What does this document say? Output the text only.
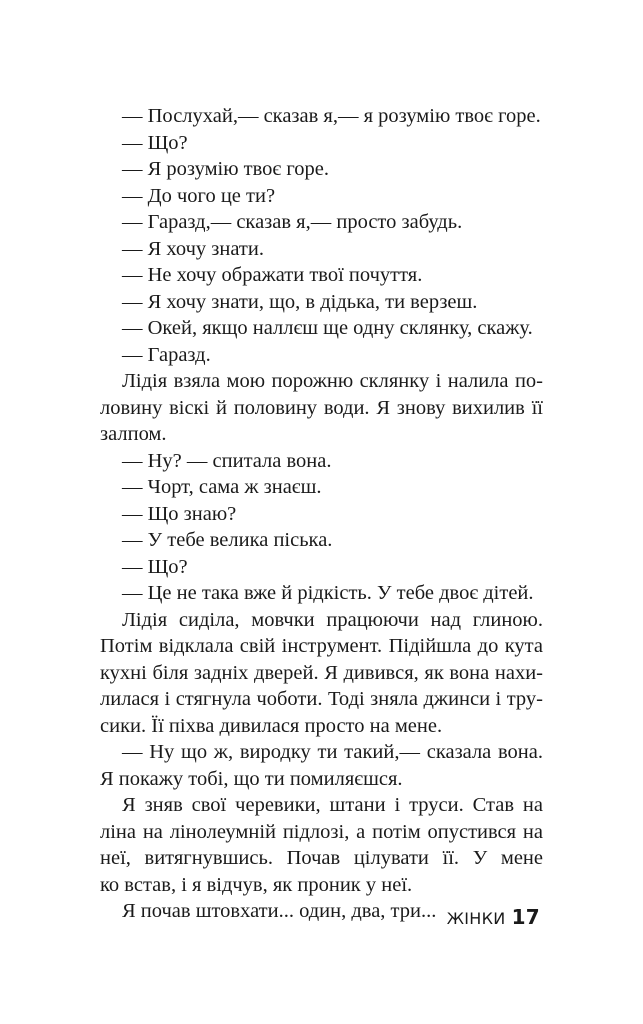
— Послухай,— сказав я,— я розумію твоє горе.

— Що?

— Я розумію твоє горе.

— До чого це ти?

— Гаразд,— сказав я,— просто забудь.

— Я хочу знати.

— Не хочу ображати твої почуття.

— Я хочу знати, що, в дідька, ти верзеш.

— Окей, якщо наллєш ще одну склянку, скажу.

— Гаразд.

Лідія взяла мою порожню склянку і налила по-

ловину віскі й половину води. Я знову вихилив її

залпом.

— Ну? — спитала вона.

— Чорт, сама ж знаєш.

— Що знаю?

— У тебе велика піська.

— Що?

— Це не така вже й рідкість. У тебе двоє дітей.

Лідія сиділа, мовчки працюючи над глиною.

Потім відклала свій інструмент. Підійшла до кута

кухні біля задніх дверей. Я дивився, як вона нахи-

лилася і стягнула чоботи. Тоді зняла джинси і тру-

сики. Її піхва дивилася просто на мене.

— Ну що ж, виродку ти такий,— сказала вона.

Я покажу тобі, що ти помиляєшся.

Я зняв свої черевики, штани і труси. Став на

ліна на лінолеумній підлозі, а потім опустився на

неї, витягнувшись. Почав цілувати її. У мене

ко встав, і я відчув, як проник у неї.

Я почав штовхати... один, два, три... ЖІНКИ 17
